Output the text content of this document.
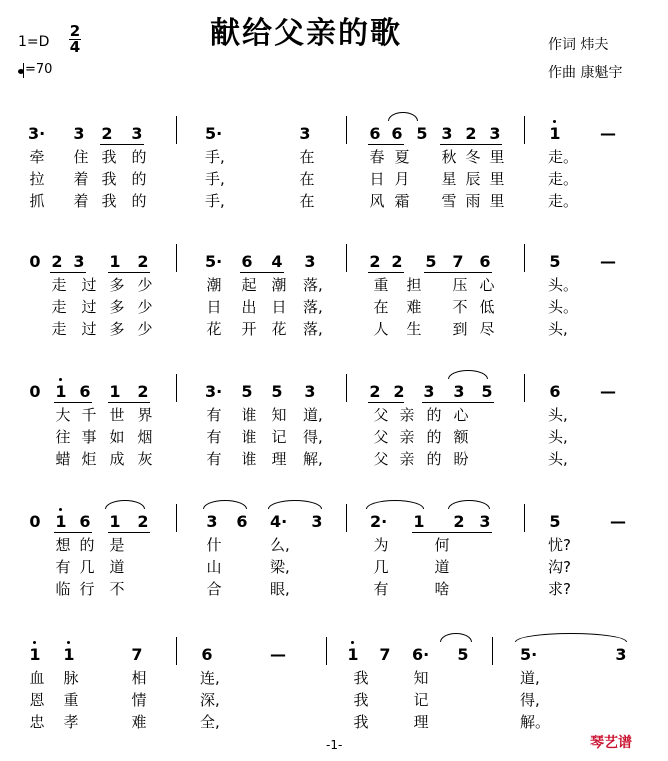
献给父亲的歌
1=D
2
4
=70
作词 炜夫
作曲 康魁宇
3· 3 2 3	5·	3	6 6 5 3 2 3	1 —
牵 住 我 的	手,	在	春 夏 秋 冬 里	走。
拉 着 我 的	手,	在	日 月 星 辰 里	走。
抓 着 我 的	手,	在	风 霜 雪 雨 里	走。
0 2 3 1 2	5· 6 4 3	2 2 5 7 6	5 —
走 过 多 少	潮 起 潮 落,	重 担 压 心	头。
走 过 多 少	日 出 日 落,	在 难 不 低	头。
走 过 多 少	花 开 花 落,	人 生 到 尽	头,
0 1 6 1 2	3· 5 5 3	2 2 3 3 5	6 —
大 千 世 界	有 谁 知 道,	父 亲 的 心	头,
往 事 如 烟	有 谁 记 得,	父 亲 的 额	头,
蜡 炬 成 灰	有 谁 理 解,	父 亲 的 盼	头,
0 1 6 1 2	3 6 4· 3	2· 1 2 3	5	—
想 的 是	什	么,	为	何	忧?
有 几 道	山	梁,	几	道	沟?
临 行 不	合	眼,	有	啥	求?
1 1	7	6	—	1 7 6· 5	5·	3
血 脉	相	连,	我	知	道,
恩 重	情	深,	我	记	得,
忠 孝	难	全,	我	理	解。
-1-	琴艺谱
